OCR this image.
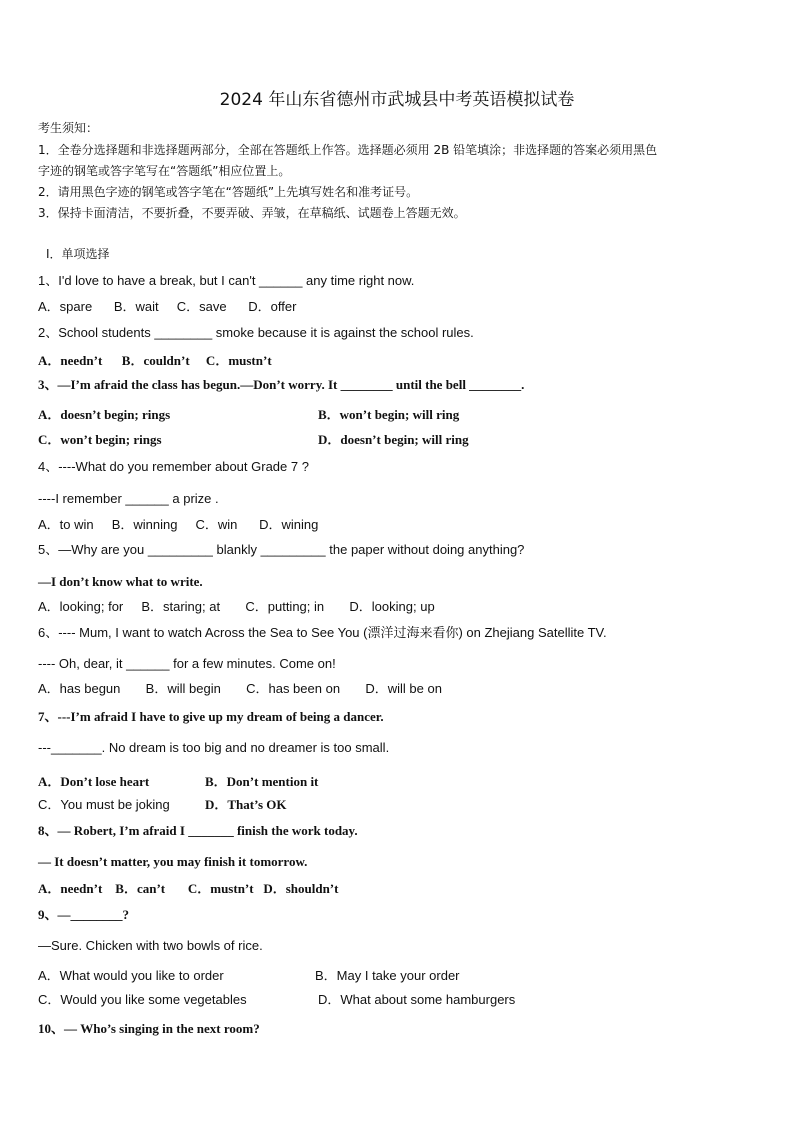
2024 年山东省德州市武城县中考英语模拟试卷
考生须知：
1．全卷分选择题和非选择题两部分，全部在答题纸上作答。选择题必须用 2B 铅笔填涂；非选择题的答案必须用黑色
字迹的钢笔或答字笔写在“答题纸”相应位置上。
2．请用黑色字迹的钢笔或答字笔在“答题纸”上先填写姓名和准考证号。
3．保持卡面清洁，不要折叠，不要弄破、弄皱，在草稿纸、试题卷上答题无效。
Ⅰ．单项选择
1、I'd love to have a break, but I can't ______ any time right now.
A．spare      B．wait     C．save      D．offer
2、School students ________ smoke because it is against the school rules.
A．needn’t      B．couldn’t     C．mustn’t
3、—I’m afraid the class has begun.—Don’t worry. It ________ until the bell ________.
A．doesn’t begin; rings	B．won’t begin; will ring
C．won’t begin; rings	D．doesn’t begin; will ring
4、----What do you remember about Grade 7 ?
----I remember ______ a prize .
A．to win     B．winning     C．win      D．wining
5、—Why are you _________ blankly _________ the paper without doing anything?
—I don’t know what to write.
A．looking; for     B．staring; at       C．putting; in       D．looking; up
6、---- Mum, I want to watch Across the Sea to See You (漂洋过海来看你) on Zhejiang Satellite TV.
---- Oh, dear, it ______ for a few minutes. Come on!
A．has begun       B．will begin       C．has been on       D．will be on
7、---I’m afraid I have to give up my dream of being a dancer.
---_______. No dream is too big and no dreamer is too small.
A．Don’t lose heart	B．Don’t mention it
C．You must be joking	D．That’s OK
8、— Robert, I’m afraid I _______ finish the work today.
— It doesn’t matter, you may finish it tomorrow.
A．needn’t    B．can’t       C．mustn’t   D．shouldn’t
9、—________?
—Sure. Chicken with two bowls of rice.
A．What would you like to order	B．May I take your order
C．Would you like some vegetables	D．What about some hamburgers
10、— Who’s singing in the next room?
